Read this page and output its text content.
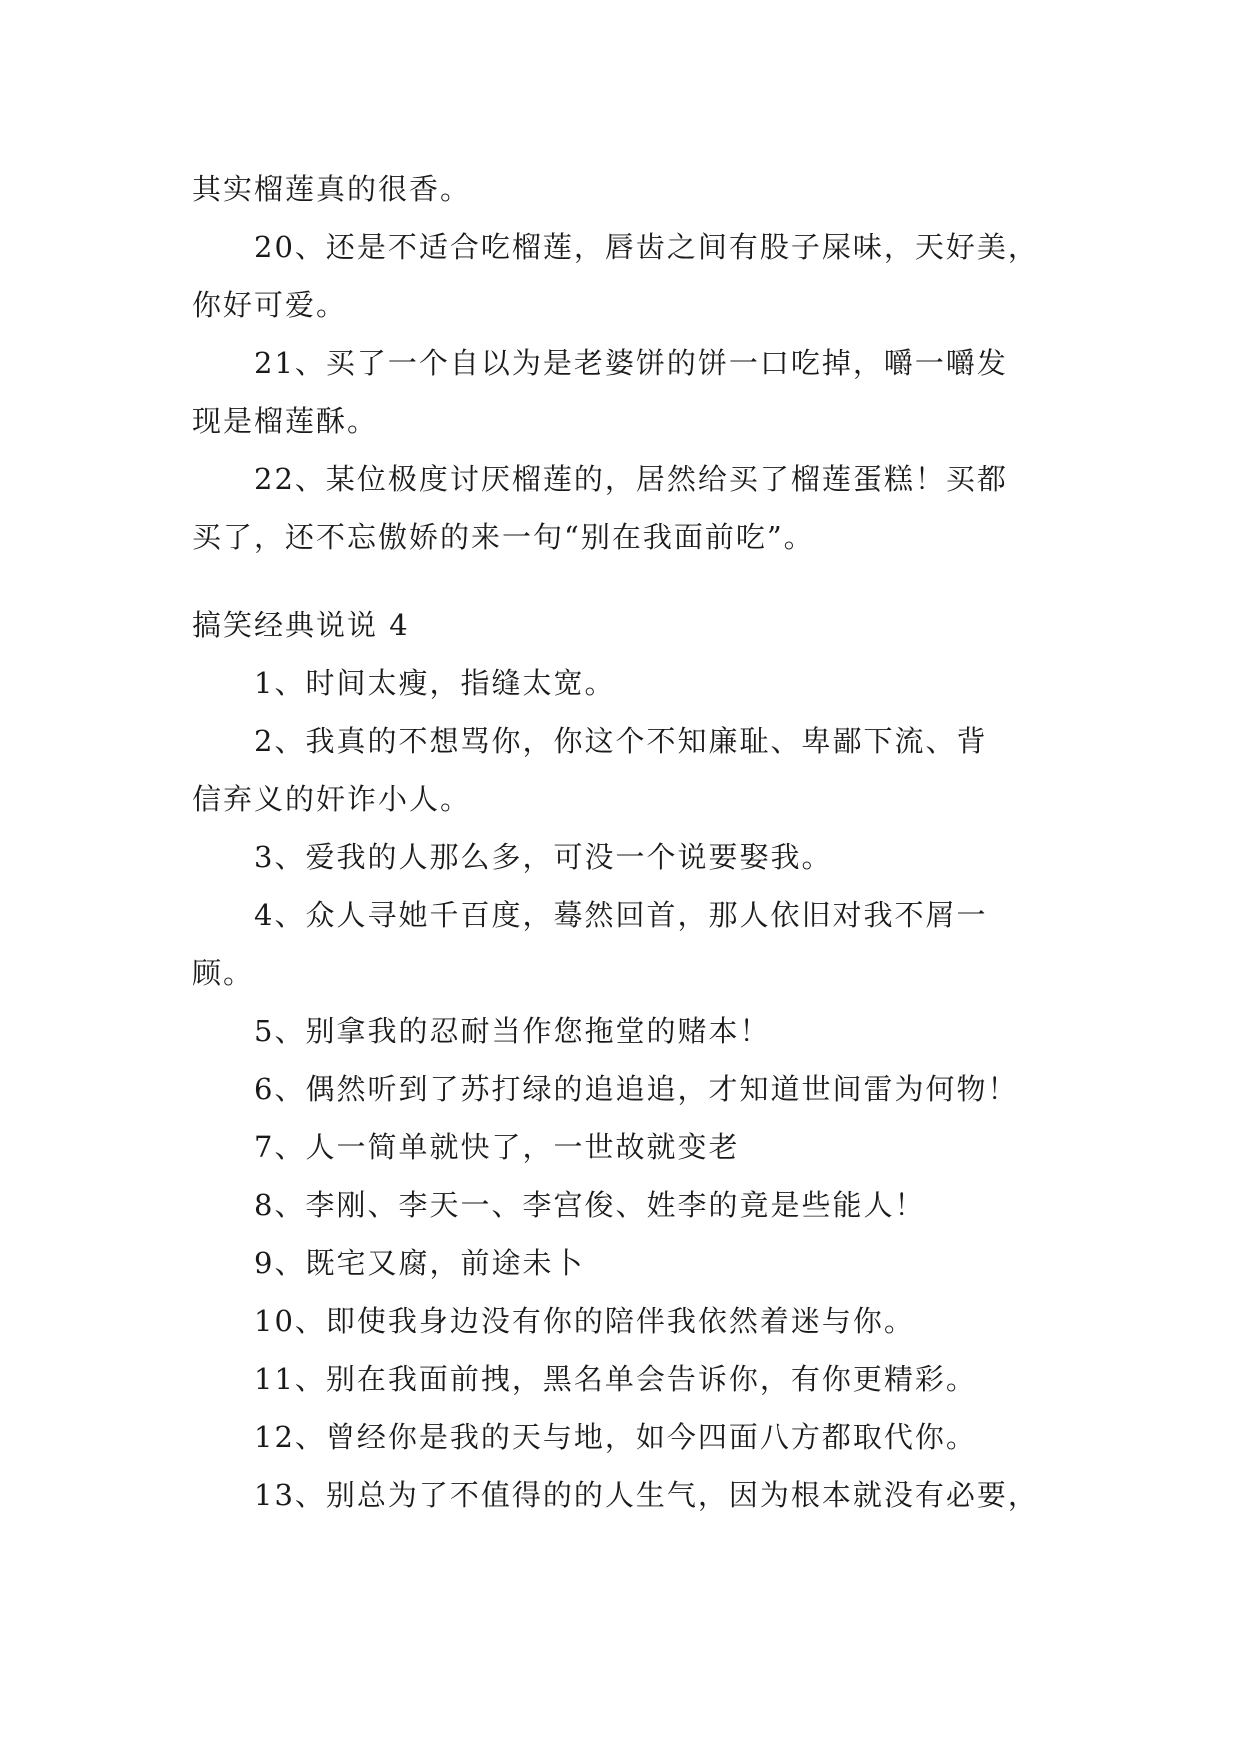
其实榴莲真的很香。
20、还是不适合吃榴莲，唇齿之间有股子屎味，天好美，
你好可爱。
21、买了一个自以为是老婆饼的饼一口吃掉，嚼一嚼发
现是榴莲酥。
22、某位极度讨厌榴莲的，居然给买了榴莲蛋糕！买都
买了，还不忘傲娇的来一句“别在我面前吃”。
搞笑经典说说 4
1、时间太瘦，指缝太宽。
2、我真的不想骂你，你这个不知廉耻、卑鄙下流、背
信弃义的奸诈小人。
3、爱我的人那么多，可没一个说要娶我。
4、众人寻她千百度，蓦然回首，那人依旧对我不屑一
顾。
5、别拿我的忍耐当作您拖堂的赌本！
6、偶然听到了苏打绿的追追追，才知道世间雷为何物！
7、人一简单就快了，一世故就变老
8、李刚、李天一、李宫俊、姓李的竟是些能人！
9、既宅又腐，前途未卜
10、即使我身边没有你的陪伴我依然着迷与你。
11、别在我面前拽，黑名单会告诉你，有你更精彩。
12、曾经你是我的天与地，如今四面八方都取代你。
13、别总为了不值得的的人生气，因为根本就没有必要，
